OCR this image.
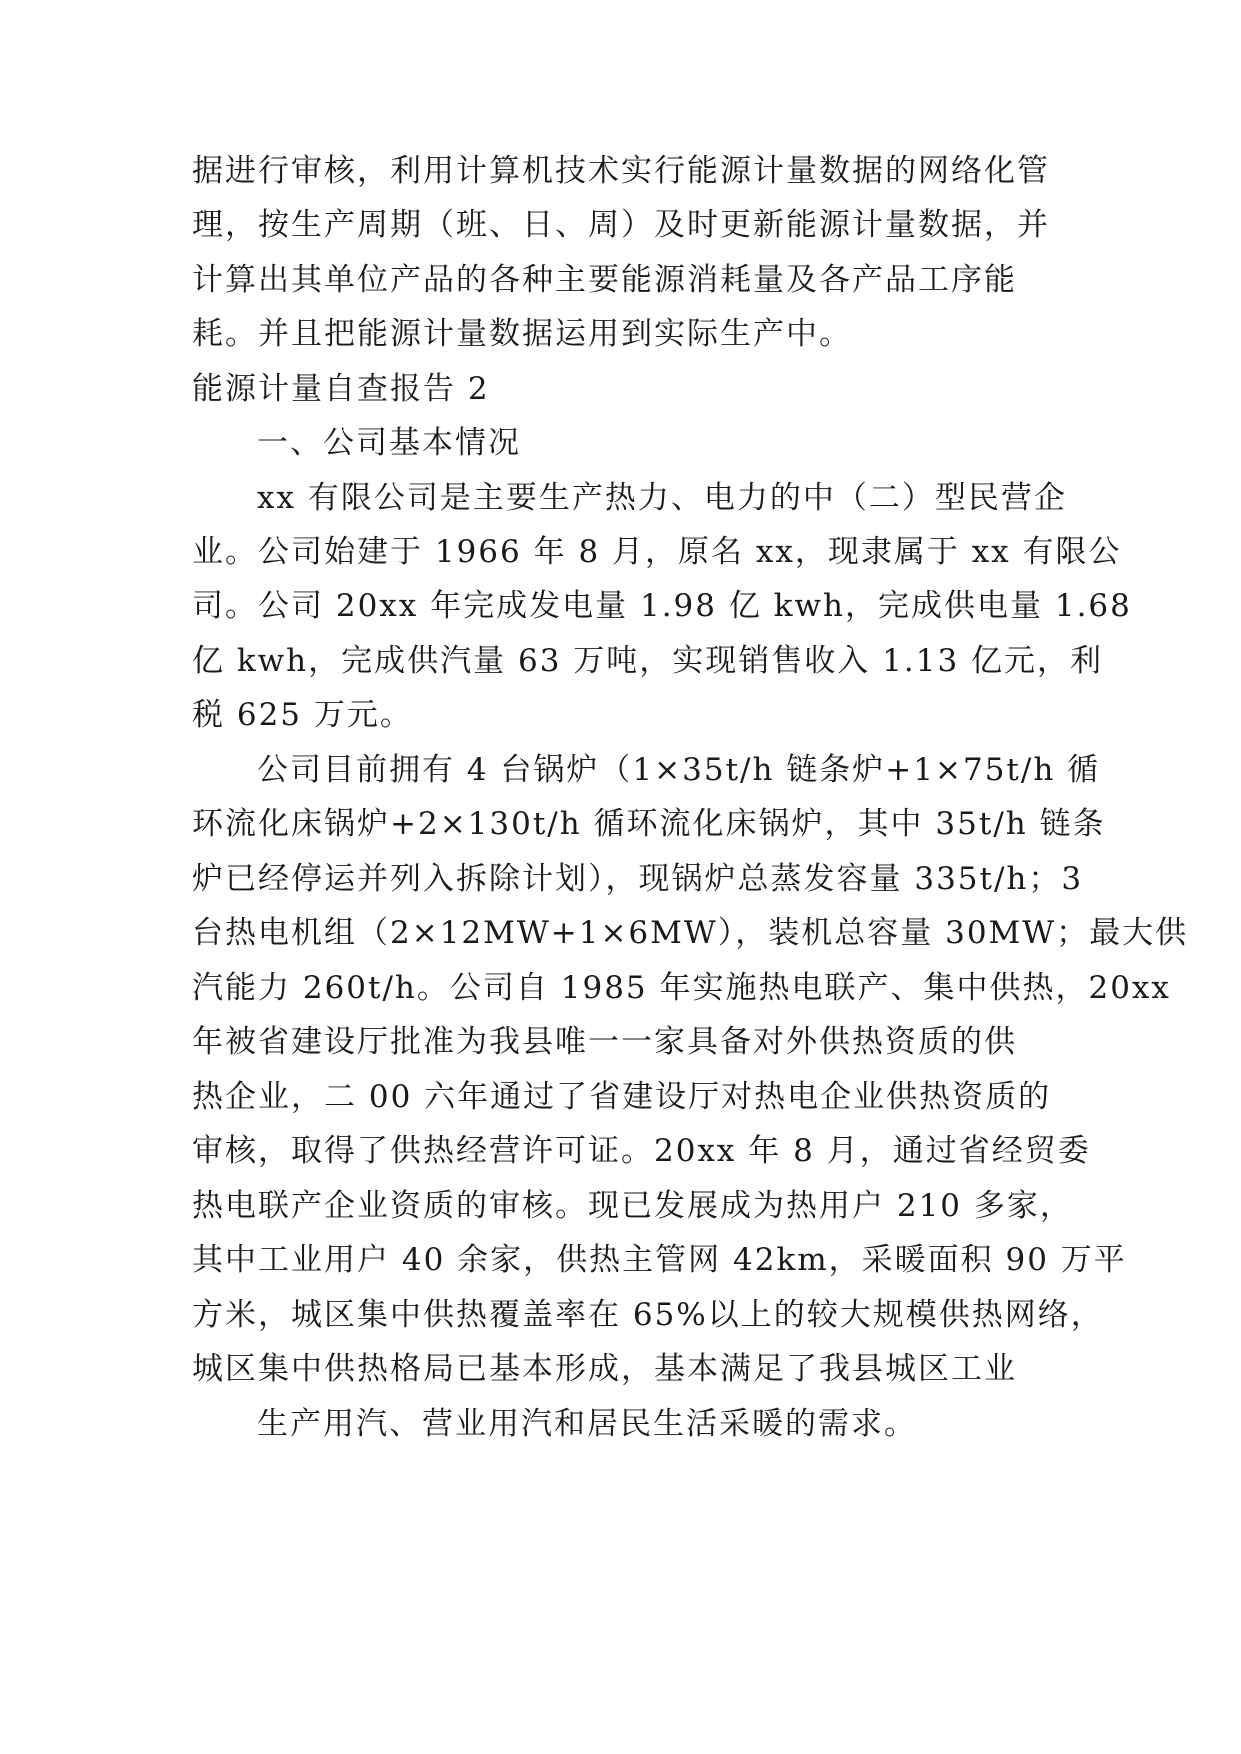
据进行审核，利用计算机技术实行能源计量数据的网络化管
理，按生产周期（班、日、周）及时更新能源计量数据，并
计算出其单位产品的各种主要能源消耗量及各产品工序能
耗。并且把能源计量数据运用到实际生产中。
能源计量自查报告 2
一、公司基本情况
xx 有限公司是主要生产热力、电力的中（二）型民营企
业。公司始建于 1966 年 8 月，原名 xx，现隶属于 xx 有限公
司。公司 20xx 年完成发电量 1.98 亿 kwh，完成供电量 1.68
亿 kwh，完成供汽量 63 万吨，实现销售收入 1.13 亿元，利
税 625 万元。
公司目前拥有 4 台锅炉（1×35t/h 链条炉+1×75t/h 循
环流化床锅炉+2×130t/h 循环流化床锅炉，其中 35t/h 链条
炉已经停运并列入拆除计划），现锅炉总蒸发容量 335t/h；3
台热电机组（2×12MW+1×6MW），装机总容量 30MW；最大供
汽能力 260t/h。公司自 1985 年实施热电联产、集中供热，20xx
年被省建设厅批准为我县唯一一家具备对外供热资质的供
热企业，二 00 六年通过了省建设厅对热电企业供热资质的
审核，取得了供热经营许可证。20xx 年 8 月，通过省经贸委
热电联产企业资质的审核。现已发展成为热用户 210 多家，
其中工业用户 40 余家，供热主管网 42km，采暖面积 90 万平
方米，城区集中供热覆盖率在 65%以上的较大规模供热网络，
城区集中供热格局已基本形成，基本满足了我县城区工业
生产用汽、营业用汽和居民生活采暖的需求。
